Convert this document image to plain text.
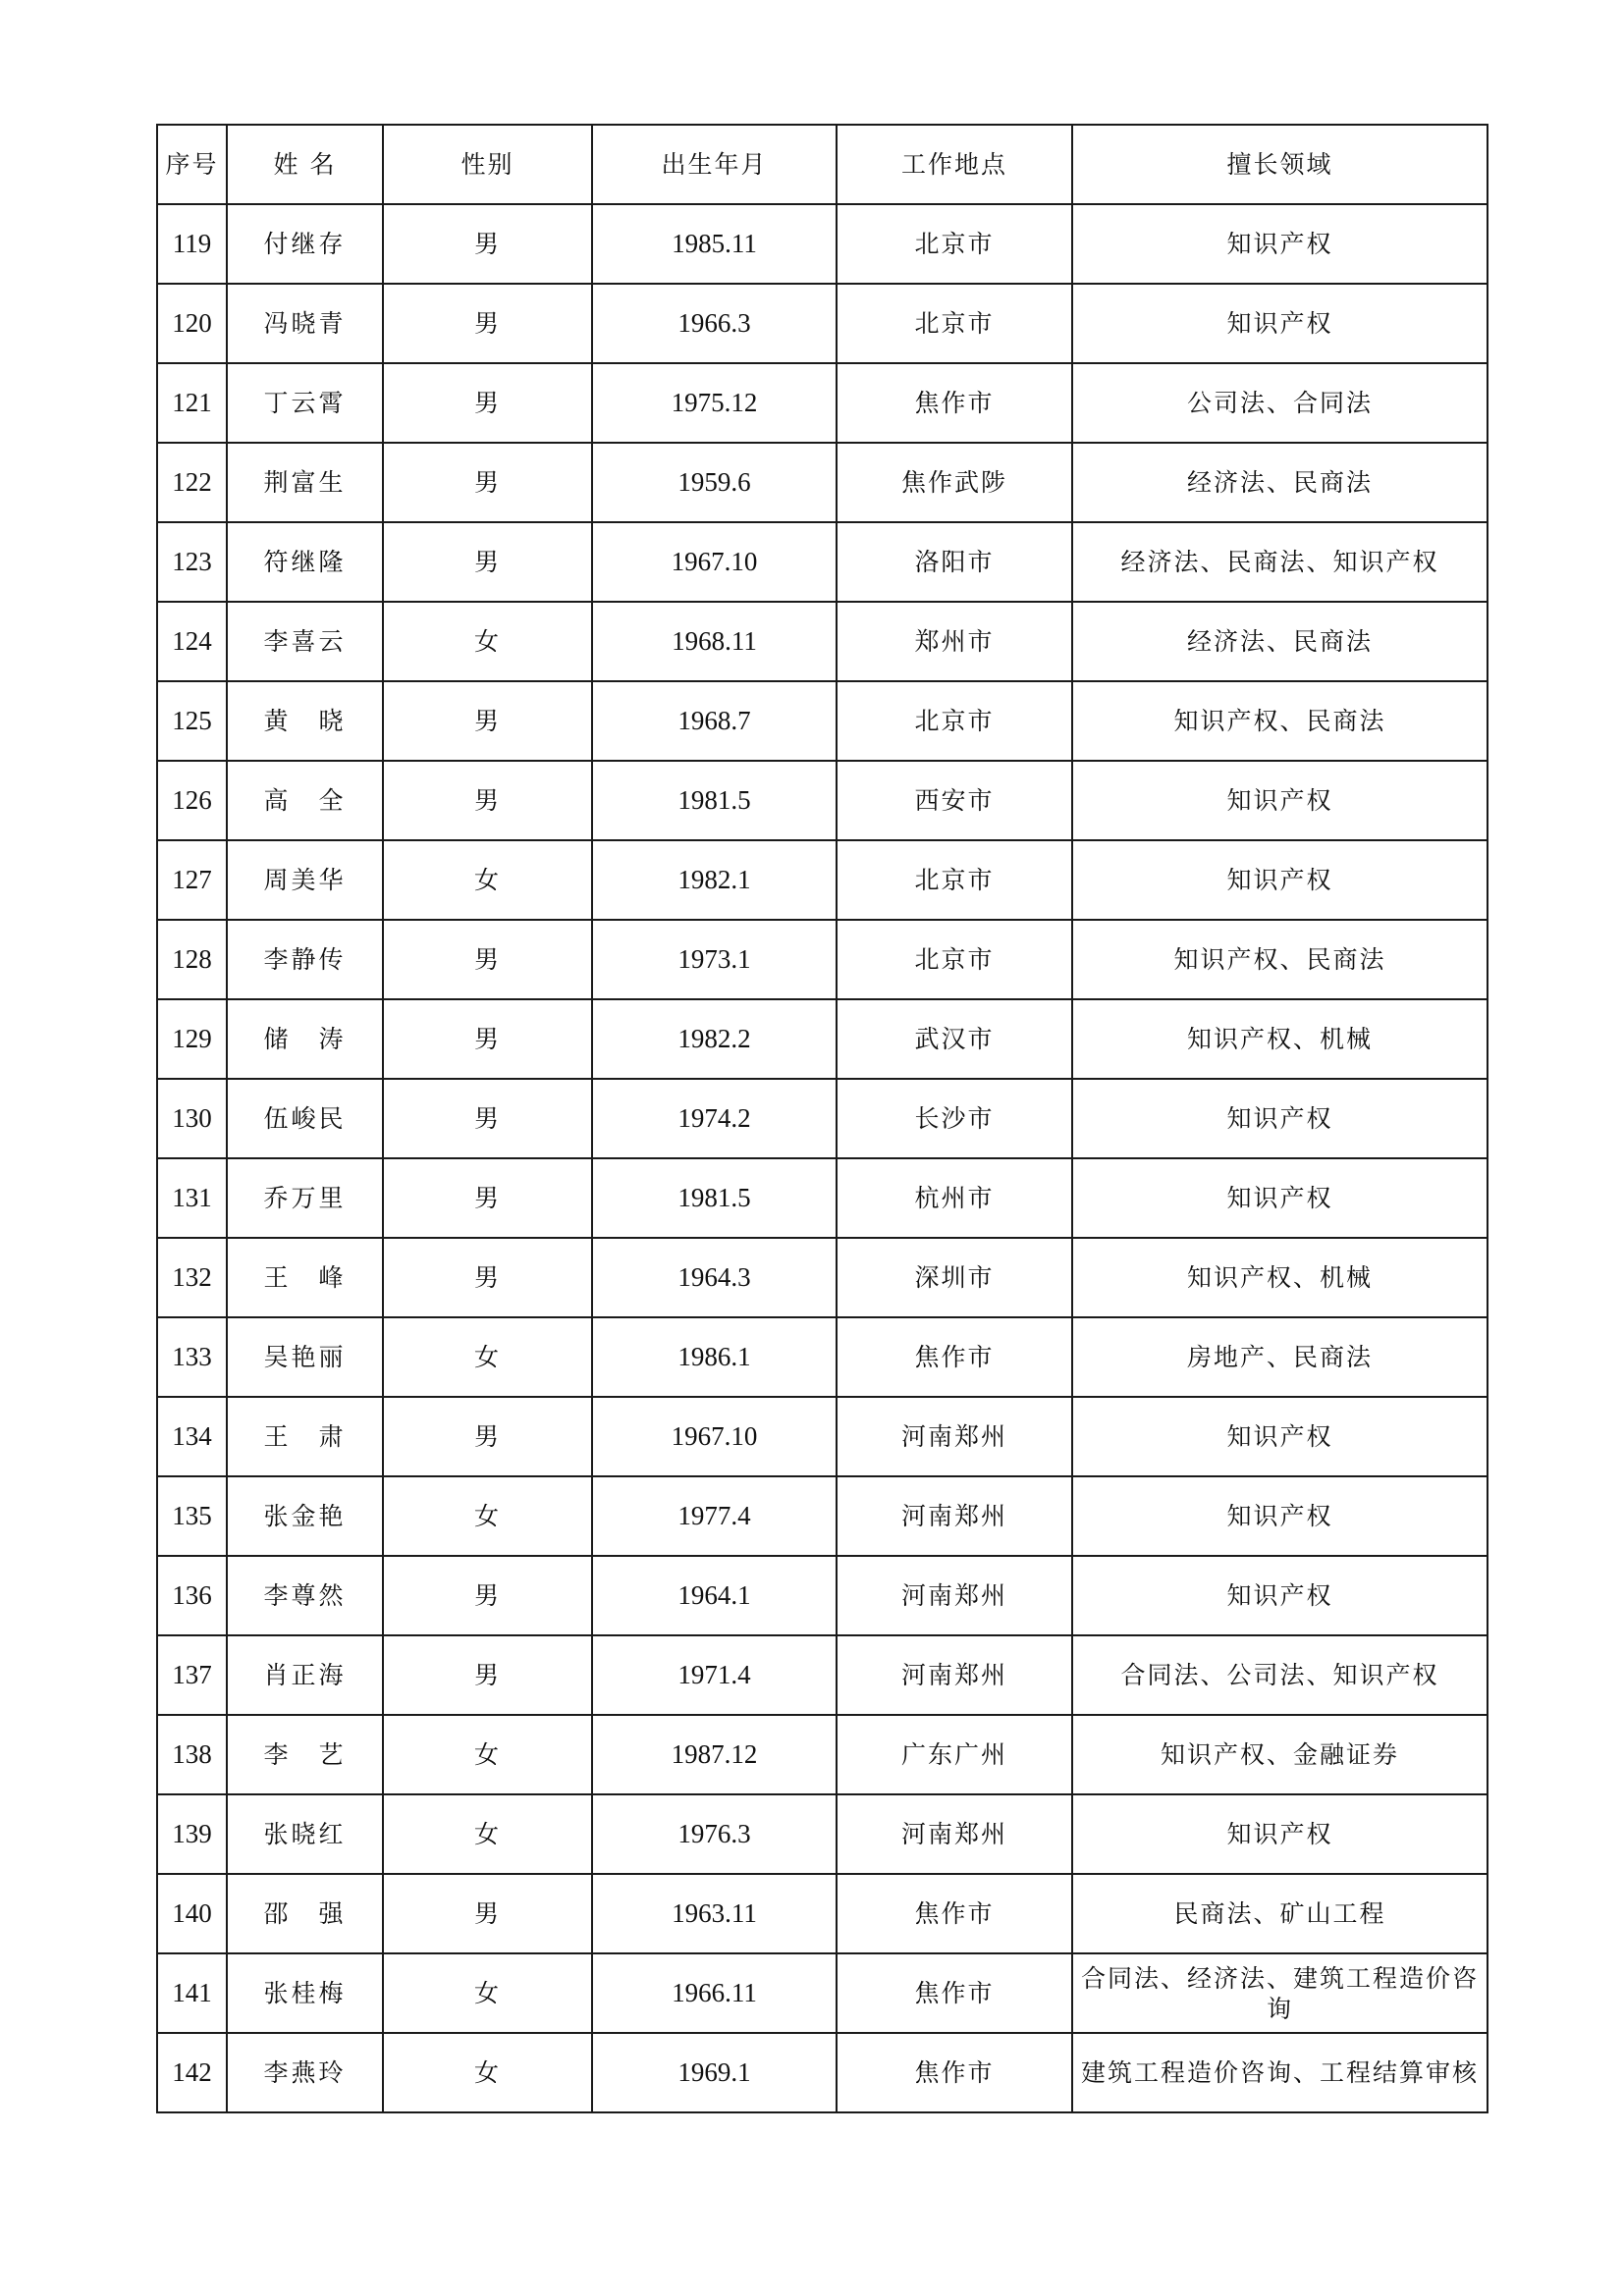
序号	姓 名	性别	出生年月	工作地点	擅长领域
119	付继存	男	1985.11	北京市	知识产权
120	冯晓青	男	1966.3	北京市	知识产权
121	丁云霄	男	1975.12	焦作市	公司法、合同法
122	荆富生	男	1959.6	焦作武陟	经济法、民商法
123	符继隆	男	1967.10	洛阳市	经济法、民商法、知识产权
124	李喜云	女	1968.11	郑州市	经济法、民商法
125	黄　晓	男	1968.7	北京市	知识产权、民商法
126	高　全	男	1981.5	西安市	知识产权
127	周美华	女	1982.1	北京市	知识产权
128	李静传	男	1973.1	北京市	知识产权、民商法
129	储　涛	男	1982.2	武汉市	知识产权、机械
130	伍峻民	男	1974.2	长沙市	知识产权
131	乔万里	男	1981.5	杭州市	知识产权
132	王　峰	男	1964.3	深圳市	知识产权、机械
133	吴艳丽	女	1986.1	焦作市	房地产、民商法
134	王　肃	男	1967.10	河南郑州	知识产权
135	张金艳	女	1977.4	河南郑州	知识产权
136	李尊然	男	1964.1	河南郑州	知识产权
137	肖正海	男	1971.4	河南郑州	合同法、公司法、知识产权
138	李　艺	女	1987.12	广东广州	知识产权、金融证券
139	张晓红	女	1976.3	河南郑州	知识产权
140	邵　强	男	1963.11	焦作市	民商法、矿山工程
141	张桂梅	女	1966.11	焦作市	合同法、经济法、建筑工程造价咨询
142	李燕玲	女	1969.1	焦作市	建筑工程造价咨询、工程结算审核
